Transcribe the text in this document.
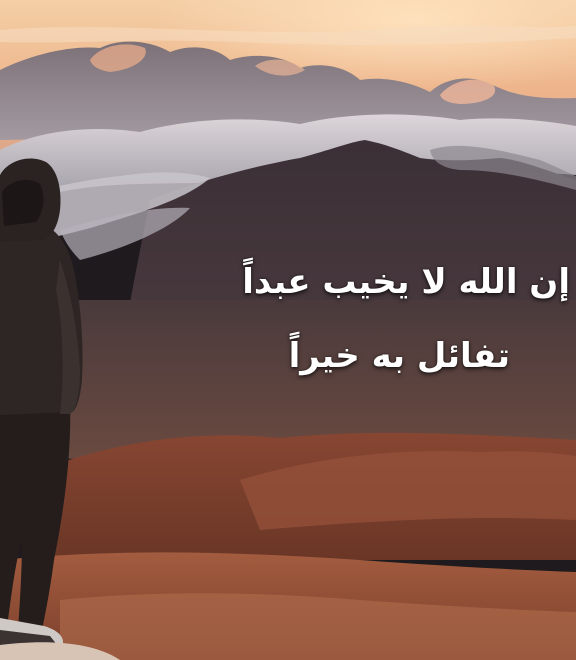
إن الله لا يخيب عبداً
تفائل به خيراً
